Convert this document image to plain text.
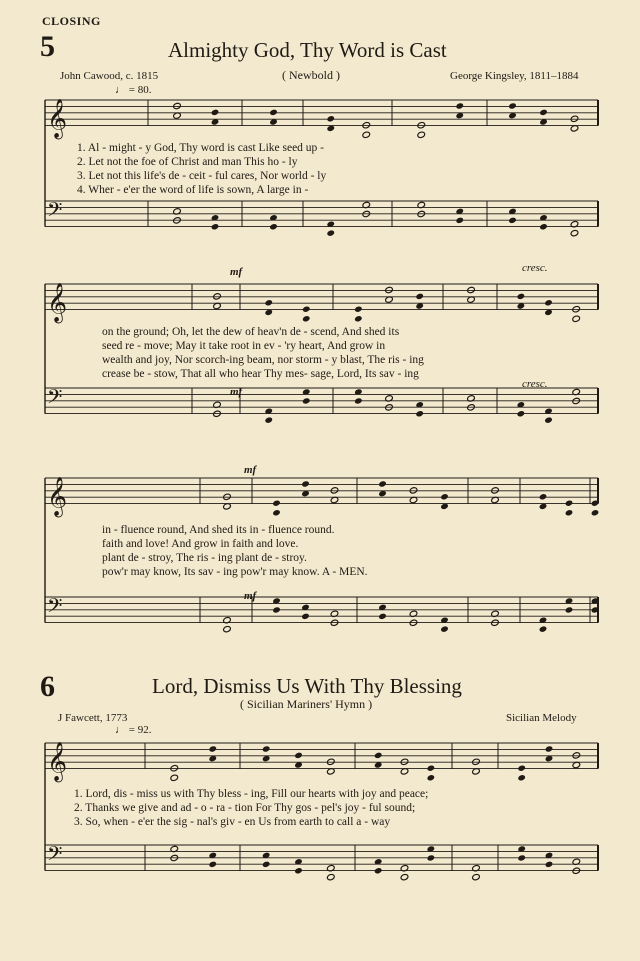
CLOSING
5	Almighty God, Thy Word is Cast
John Cawood, c. 1815	( Newbold )	George Kingsley, 1811–1884
♩ = 80.
𝄞
𝄢
𝄞
𝄢
𝄞
𝄢
𝄞
𝄢
1. Al - might - y God, Thy word is cast Like seed up -
2. Let not the foe of Christ and man This ho - ly
3. Let not this life's de - ceit - ful cares, Nor world - ly
4. Wher - e'er the word of life is sown, A large in -
mf	cresc.
on the ground; Oh, let the dew of heav'n de - scend, And shed its
seed re - move; May it take root in ev - 'ry heart, And grow in
wealth and joy, Nor scorch-ing beam, nor storm - y blast, The ris - ing
crease be - stow, That all who hear Thy mes- sage, Lord, Its sav - ing
mf
cresc.
mf
in - fluence round, And shed its in - fluence round.
faith and love! And grow in faith and love.
plant de - stroy, The ris - ing plant de - stroy.
pow'r may know, Its sav - ing pow'r may know. A - MEN.
mf
6	Lord, Dismiss Us With Thy Blessing
( Sicilian Mariners' Hymn )
J Fawcett, 1773	Sicilian Melody
♩ = 92.
1. Lord, dis - miss us with Thy bless - ing, Fill our hearts with joy and peace;
2. Thanks we give and ad - o - ra - tion For Thy gos - pel's joy - ful sound;
3. So, when - e'er the sig - nal's giv - en Us from earth to call a - way
